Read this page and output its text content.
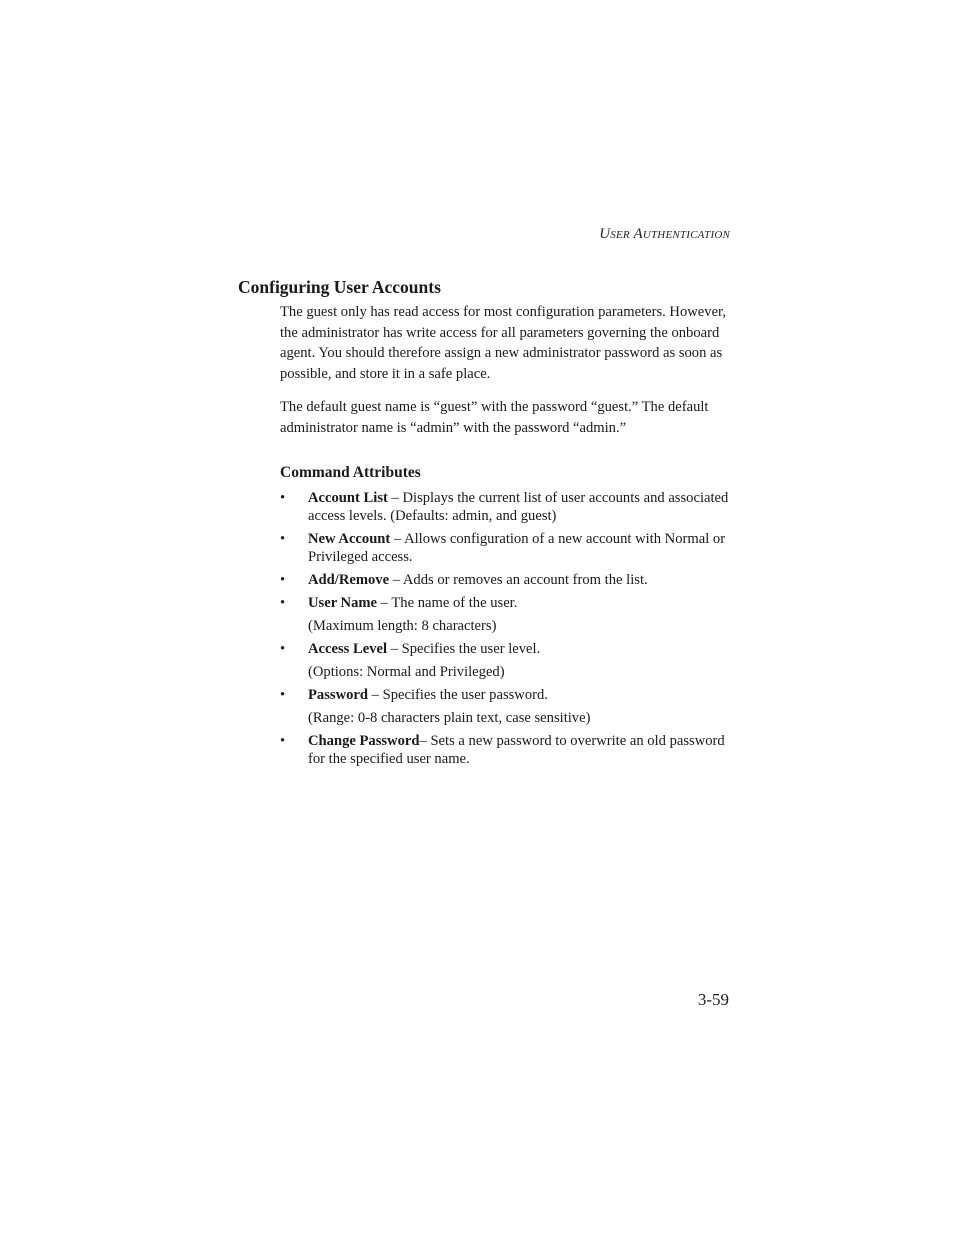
User Authentication
Configuring User Accounts

The guest only has read access for most configuration parameters. However, the administrator has write access for all parameters governing the onboard agent. You should therefore assign a new administrator password as soon as possible, and store it in a safe place.

The default guest name is “guest” with the password “guest.” The default administrator name is “admin” with the password “admin.”

Command Attributes
• Account List – Displays the current list of user accounts and associated access levels. (Defaults: admin, and guest)
• New Account – Allows configuration of a new account with Normal or Privileged access.
• Add/Remove – Adds or removes an account from the list.
• User Name – The name of the user.
(Maximum length: 8 characters)
• Access Level – Specifies the user level.
(Options: Normal and Privileged)
• Password – Specifies the user password.
(Range: 0-8 characters plain text, case sensitive)
• Change Password– Sets a new password to overwrite an old password for the specified user name.
3-59
